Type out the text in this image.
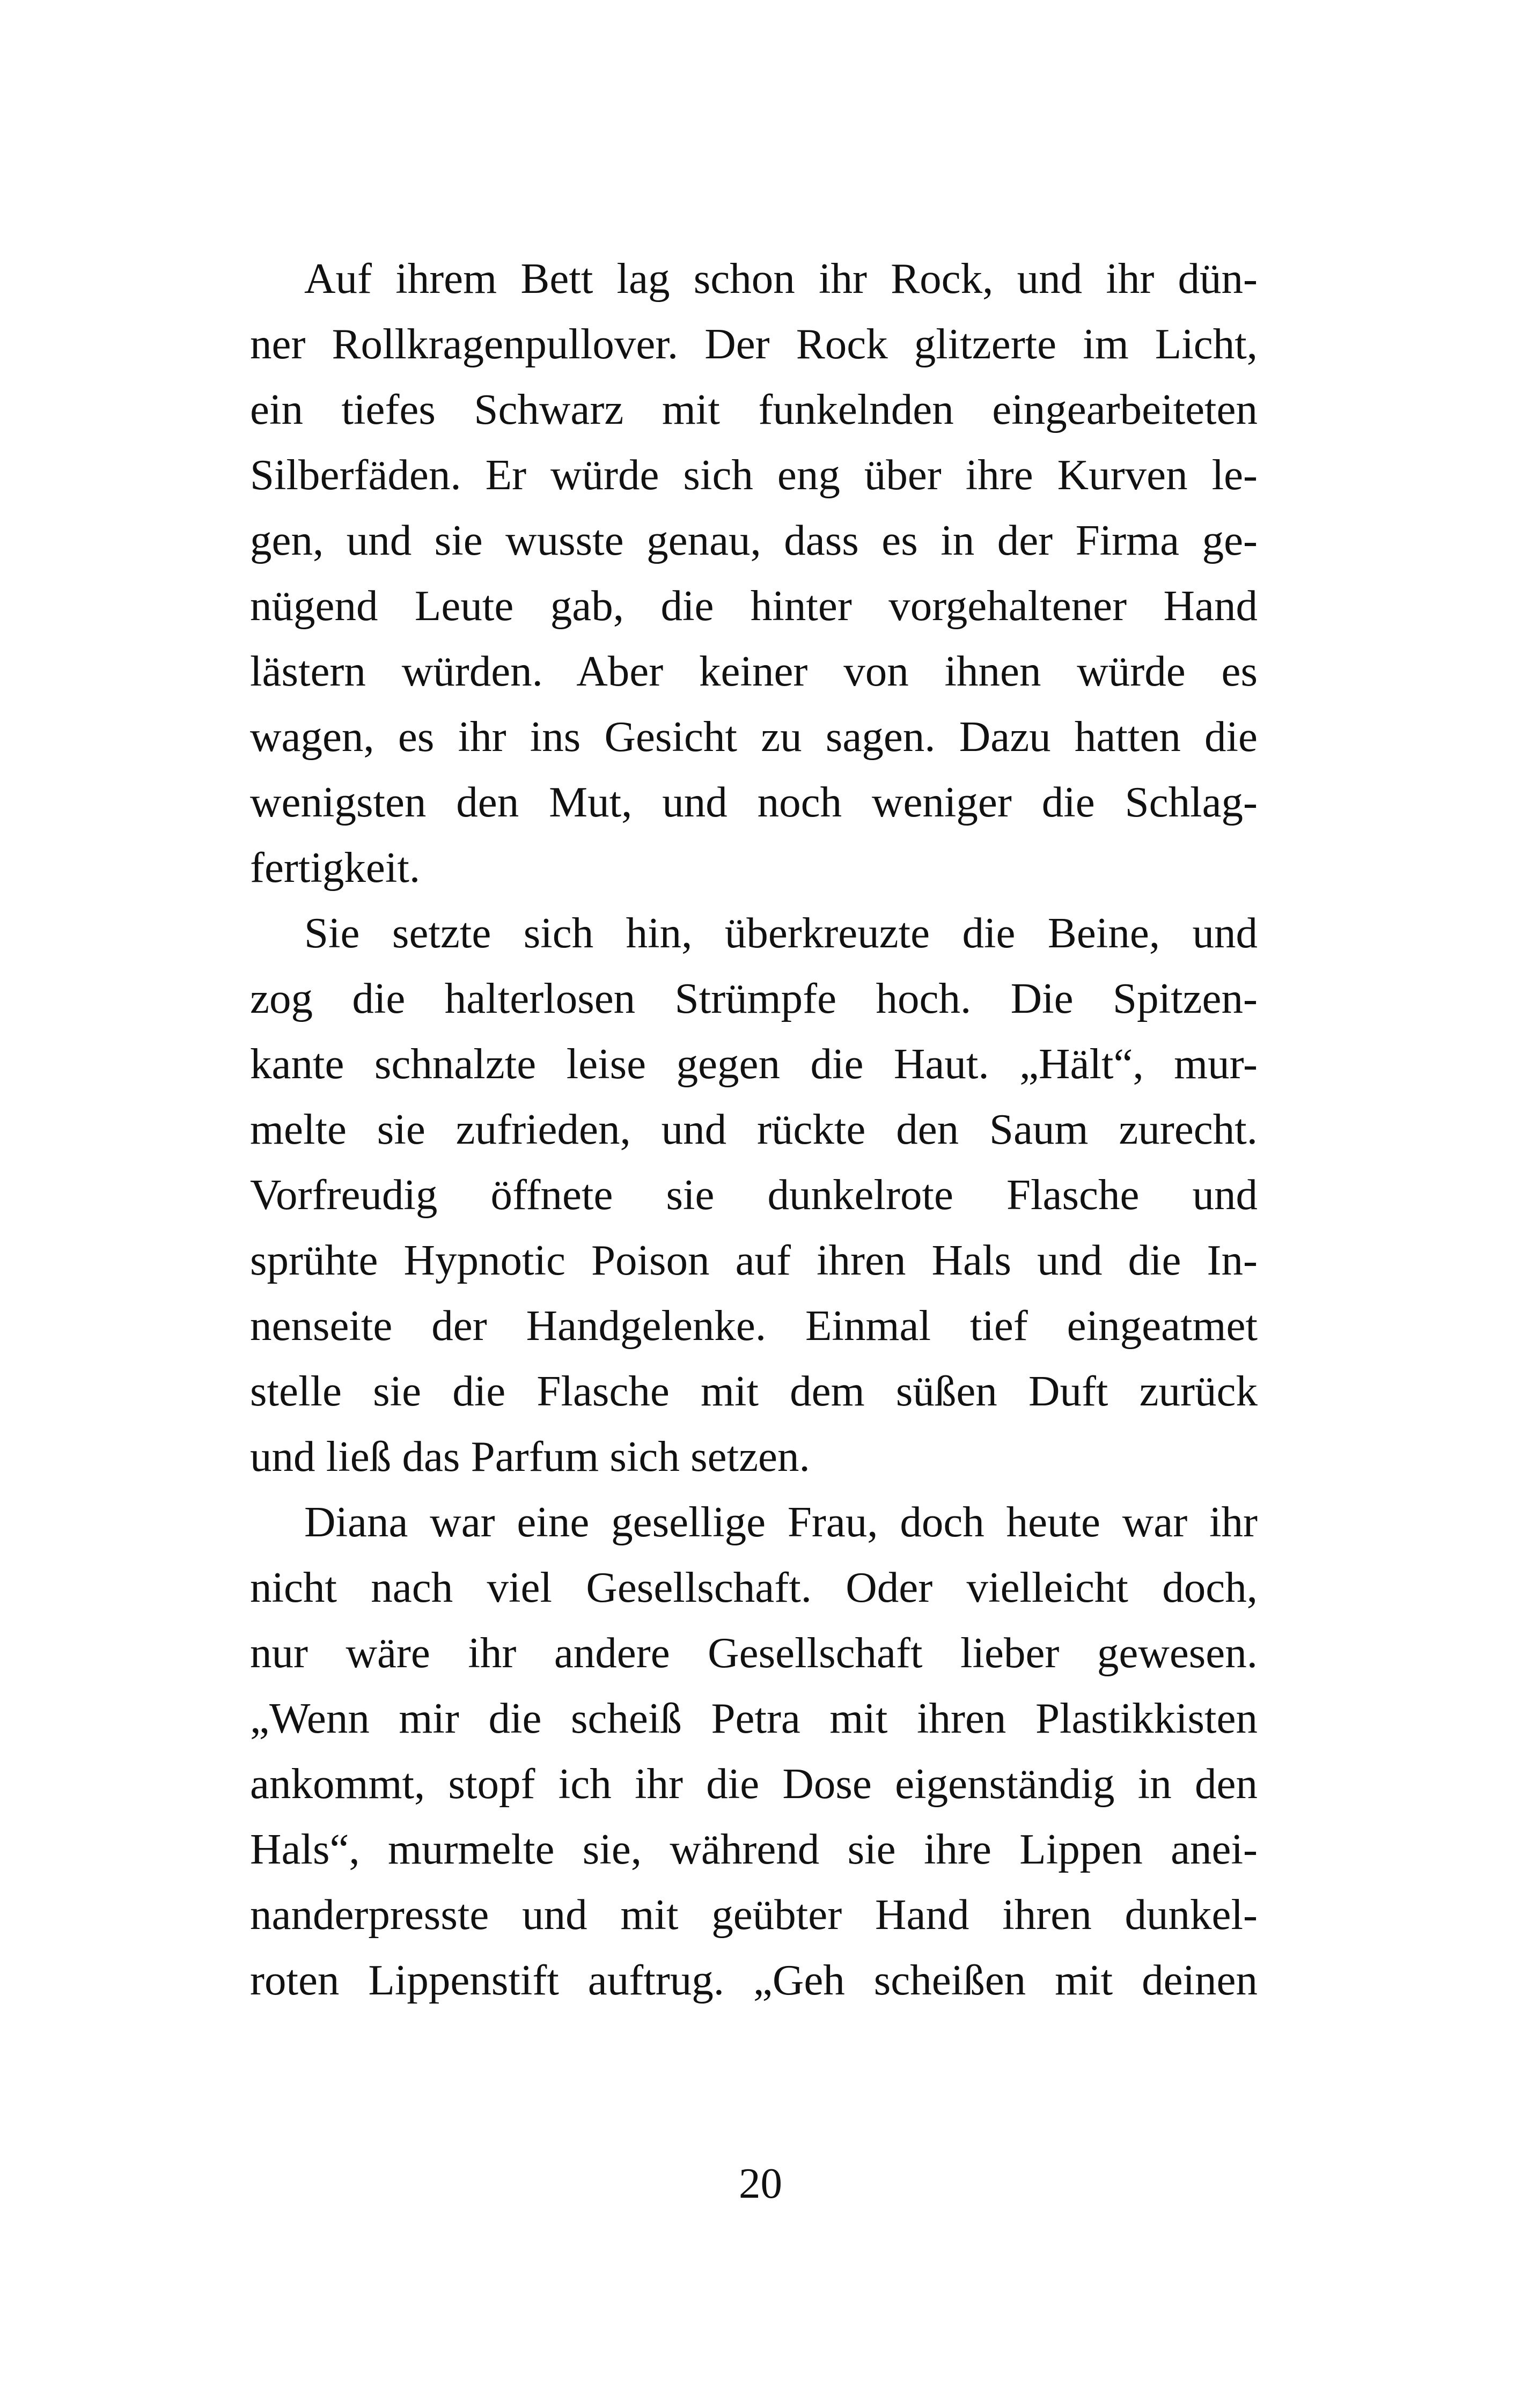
Auf ihrem Bett lag schon ihr Rock, und ihr dün-
ner Rollkragenpullover. Der Rock glitzerte im Licht,
ein tiefes Schwarz mit funkelnden eingearbeiteten
Silberfäden. Er würde sich eng über ihre Kurven le-
gen, und sie wusste genau, dass es in der Firma ge-
nügend Leute gab, die hinter vorgehaltener Hand
lästern würden. Aber keiner von ihnen würde es
wagen, es ihr ins Gesicht zu sagen. Dazu hatten die
wenigsten den Mut, und noch weniger die Schlag-
fertigkeit.
Sie setzte sich hin, überkreuzte die Beine, und
zog die halterlosen Strümpfe hoch. Die Spitzen-
kante schnalzte leise gegen die Haut. „Hält“, mur-
melte sie zufrieden, und rückte den Saum zurecht.
Vorfreudig öffnete sie dunkelrote Flasche und
sprühte Hypnotic Poison auf ihren Hals und die In-
nenseite der Handgelenke. Einmal tief eingeatmet
stelle sie die Flasche mit dem süßen Duft zurück
und ließ das Parfum sich setzen.
Diana war eine gesellige Frau, doch heute war ihr
nicht nach viel Gesellschaft. Oder vielleicht doch,
nur wäre ihr andere Gesellschaft lieber gewesen.
„Wenn mir die scheiß Petra mit ihren Plastikkisten
ankommt, stopf ich ihr die Dose eigenständig in den
Hals“, murmelte sie, während sie ihre Lippen anei-
nanderpresste und mit geübter Hand ihren dunkel-
roten Lippenstift auftrug. „Geh scheißen mit deinen
20
